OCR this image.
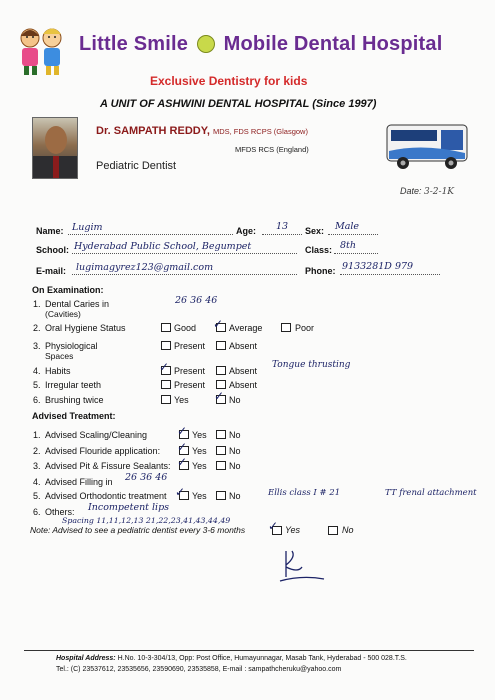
Little Smile Mobile Dental Hospital
Exclusive Dentistry for kids
A UNIT OF ASHWINI DENTAL HOSPITAL (Since 1997)
Dr. SAMPATH REDDY, MDS, FDS RCPS (Glasgow)
MFDS RCS (England)
Pediatric Dentist
Date: 3-2-1K
Name: Lugim	Age: 13 Sex: Male
School: Hyderabad Public School, Begumpet	Class: 8th
E-mail: lugimagyrez123@gmail.com	Phone: 9133281D 979
On Examination:
1. Dental Caries in
(Cavities)
26 36 46
2. Oral Hygiene Status	Good ✓ Average	Poor
3. Physiological
Spaces
Present	Absent
4. Habits	✓ Present	Absent
Tongue thrusting
5. Irregular teeth	Present	Absent
6. Brushing twice	Yes ✓ No
Advised Treatment:
1. Advised Scaling/Cleaning ✓ Yes No
2. Advised Flouride application: ✓ Yes No
3. Advised Pit & Fissure Sealants: ✓ Yes No
4. Advised Filling in 26 36 46
5. Advised Orthodontic treatment ✓ Yes No	Ellis class I # 21	TT frenal attachment
6. Others: Incompetent lips
Spacing 11,11,12,13 21,22,23,41,43,44,49
Note: Advised to see a pediatric dentist every 3-6 months ✓ Yes	No
Hospital Address: H.No. 10-3-304/13, Opp: Post Office, Humayunnagar, Masab Tank, Hyderabad - 500 028.T.S.
Tel.: (C) 23537612, 23535656, 23590690, 23535858, E-mail : sampathcheruku@yahoo.com
